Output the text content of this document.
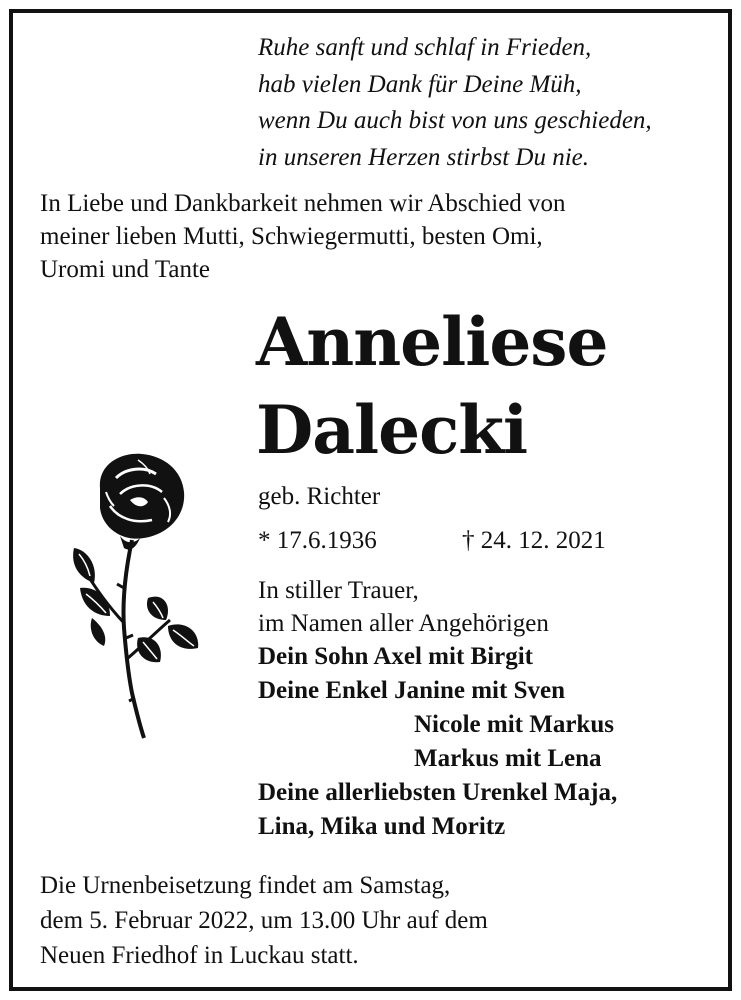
Ruhe sanft und schlaf in Frieden,
hab vielen Dank für Deine Müh,
wenn Du auch bist von uns geschieden,
in unseren Herzen stirbst Du nie.
In Liebe und Dankbarkeit nehmen wir Abschied von
meiner lieben Mutti, Schwiegermutti, besten Omi,
Uromi und Tante
Anneliese
Dalecki
geb. Richter
* 17.6.1936	† 24. 12. 2021
In stiller Trauer,
im Namen aller Angehörigen
Dein Sohn Axel mit Birgit
Deine Enkel Janine mit Sven
Nicole mit Markus
Markus mit Lena
Deine allerliebsten Urenkel Maja,
Lina, Mika und Moritz
Die Urnenbeisetzung findet am Samstag,
dem 5. Februar 2022, um 13.00 Uhr auf dem
Neuen Friedhof in Luckau statt.
